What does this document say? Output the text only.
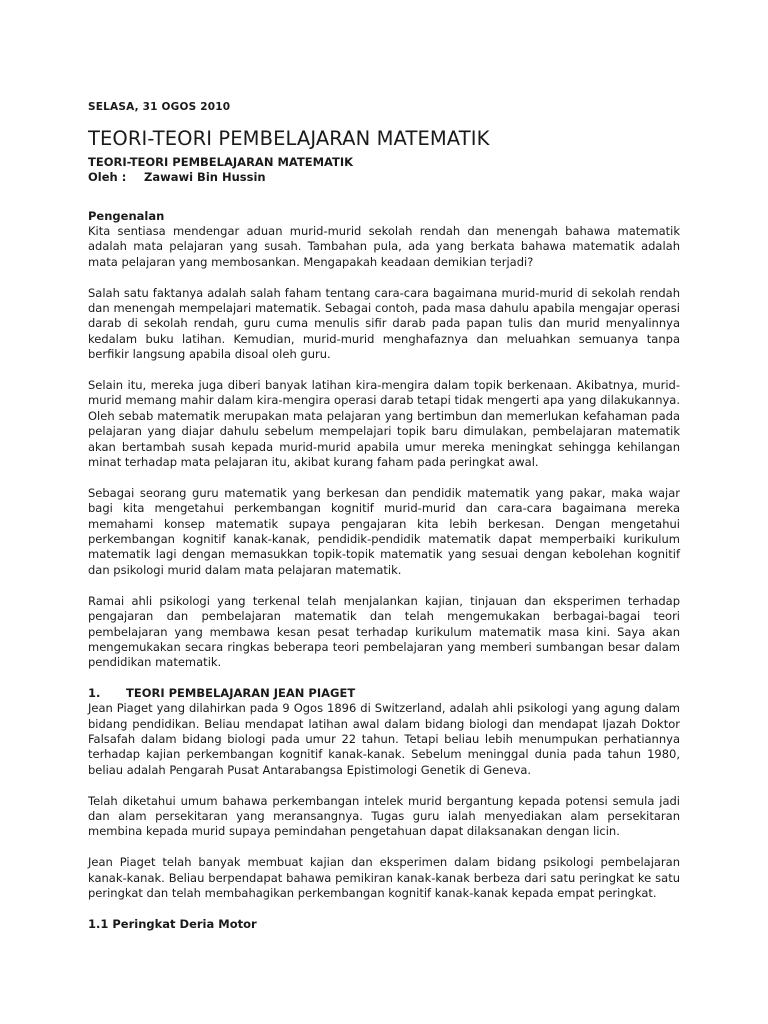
SELASA, 31 OGOS 2010
TEORI-TEORI PEMBELAJARAN MATEMATIK
TEORI-TEORI PEMBELAJARAN MATEMATIK
Oleh : Zawawi Bin Hussin
Pengenalan

Kita sentiasa mendengar aduan murid-murid sekolah rendah dan menengah bahawa matematik adalah mata pelajaran yang susah. Tambahan pula, ada yang berkata bahawa matematik adalah mata pelajaran yang membosankan. Mengapakah keadaan demikian terjadi?

Salah satu faktanya adalah salah faham tentang cara-cara bagaimana murid-murid di sekolah rendah dan menengah mempelajari matematik. Sebagai contoh, pada masa dahulu apabila mengajar operasi darab di sekolah rendah, guru cuma menulis sifir darab pada papan tulis dan murid menyalinnya kedalam buku latihan. Kemudian, murid-murid menghafaznya dan meluahkan semuanya tanpa berfikir langsung apabila disoal oleh guru.

Selain itu, mereka juga diberi banyak latihan kira-mengira dalam topik berkenaan. Akibatnya, murid-murid memang mahir dalam kira-mengira operasi darab tetapi tidak mengerti apa yang dilakukannya. Oleh sebab matematik merupakan mata pelajaran yang bertimbun dan memerlukan kefahaman pada pelajaran yang diajar dahulu sebelum mempelajari topik baru dimulakan, pembelajaran matematik akan bertambah susah kepada murid-murid apabila umur mereka meningkat sehingga kehilangan minat terhadap mata pelajaran itu, akibat kurang faham pada peringkat awal.

Sebagai seorang guru matematik yang berkesan dan pendidik matematik yang pakar, maka wajar bagi kita mengetahui perkembangan kognitif murid-murid dan cara-cara bagaimana mereka memahami konsep matematik supaya pengajaran kita lebih berkesan. Dengan mengetahui perkembangan kognitif kanak-kanak, pendidik-pendidik matematik dapat memperbaiki kurikulum matematik lagi dengan memasukkan topik-topik matematik yang sesuai dengan kebolehan kognitif dan psikologi murid dalam mata pelajaran matematik.

Ramai ahli psikologi yang terkenal telah menjalankan kajian, tinjauan dan eksperimen terhadap pengajaran dan pembelajaran matematik dan telah mengemukakan berbagai-bagai teori pembelajaran yang membawa kesan pesat terhadap kurikulum matematik masa kini. Saya akan mengemukakan secara ringkas beberapa teori pembelajaran yang memberi sumbangan besar dalam pendidikan matematik.

1. TEORI PEMBELAJARAN JEAN PIAGET

Jean Piaget yang dilahirkan pada 9 Ogos 1896 di Switzerland, adalah ahli psikologi yang agung dalam bidang pendidikan. Beliau mendapat latihan awal dalam bidang biologi dan mendapat Ijazah Doktor Falsafah dalam bidang biologi pada umur 22 tahun. Tetapi beliau lebih menumpukan perhatiannya terhadap kajian perkembangan kognitif kanak-kanak. Sebelum meninggal dunia pada tahun 1980, beliau adalah Pengarah Pusat Antarabangsa Epistimologi Genetik di Geneva.

Telah diketahui umum bahawa perkembangan intelek murid bergantung kepada potensi semula jadi dan alam persekitaran yang meransangnya. Tugas guru ialah menyediakan alam persekitaran membina kepada murid supaya pemindahan pengetahuan dapat dilaksanakan dengan licin.

Jean Piaget telah banyak membuat kajian dan eksperimen dalam bidang psikologi pembelajaran kanak-kanak. Beliau berpendapat bahawa pemikiran kanak-kanak berbeza dari satu peringkat ke satu peringkat dan telah membahagikan perkembangan kognitif kanak-kanak kepada empat peringkat.

1.1 Peringkat Deria Motor
